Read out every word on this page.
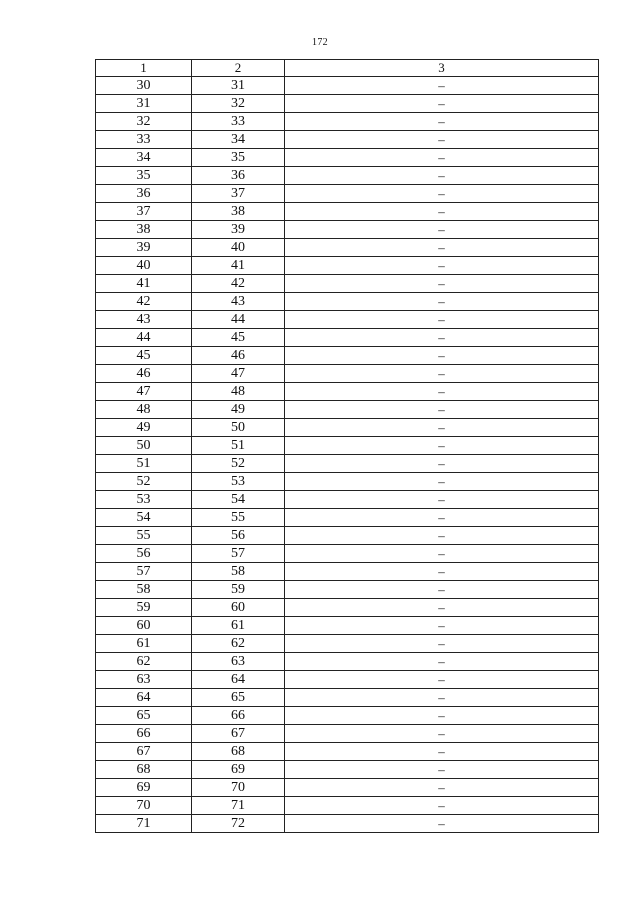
172
1	2	3
30	31	–
31	32	–
32	33	–
33	34	–
34	35	–
35	36	–
36	37	–
37	38	–
38	39	–
39	40	–
40	41	–
41	42	–
42	43	–
43	44	–
44	45	–
45	46	–
46	47	–
47	48	–
48	49	–
49	50	–
50	51	–
51	52	–
52	53	–
53	54	–
54	55	–
55	56	–
56	57	–
57	58	–
58	59	–
59	60	–
60	61	–
61	62	–
62	63	–
63	64	–
64	65	–
65	66	–
66	67	–
67	68	–
68	69	–
69	70	–
70	71	–
71	72	–
